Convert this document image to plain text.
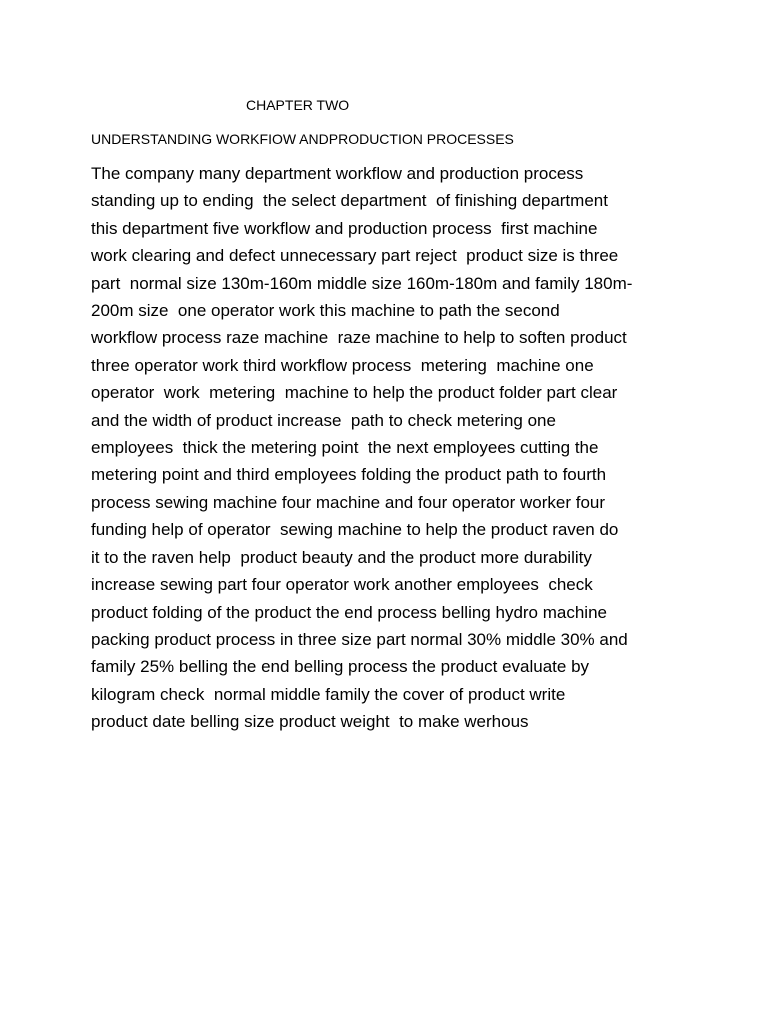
CHAPTER TWO
UNDERSTANDING WORKFIOW ANDPRODUCTION PROCESSES
The company many department workflow and production process
standing up to ending  the select department  of finishing department
this department five workflow and production process  first machine
work clearing and defect unnecessary part reject  product size is three
part  normal size 130m-160m middle size 160m-180m and family 180m-
200m size  one operator work this machine to path the second
workflow process raze machine  raze machine to help to soften product
three operator work third workflow process  metering  machine one
operator  work  metering  machine to help the product folder part clear
and the width of product increase  path to check metering one
employees  thick the metering point  the next employees cutting the
metering point and third employees folding the product path to fourth
process sewing machine four machine and four operator worker four
funding help of operator  sewing machine to help the product raven do
it to the raven help  product beauty and the product more durability
increase sewing part four operator work another employees  check
product folding of the product the end process belling hydro machine
packing product process in three size part normal 30% middle 30% and
family 25% belling the end belling process the product evaluate by
kilogram check  normal middle family the cover of product write
product date belling size product weight  to make werhous
